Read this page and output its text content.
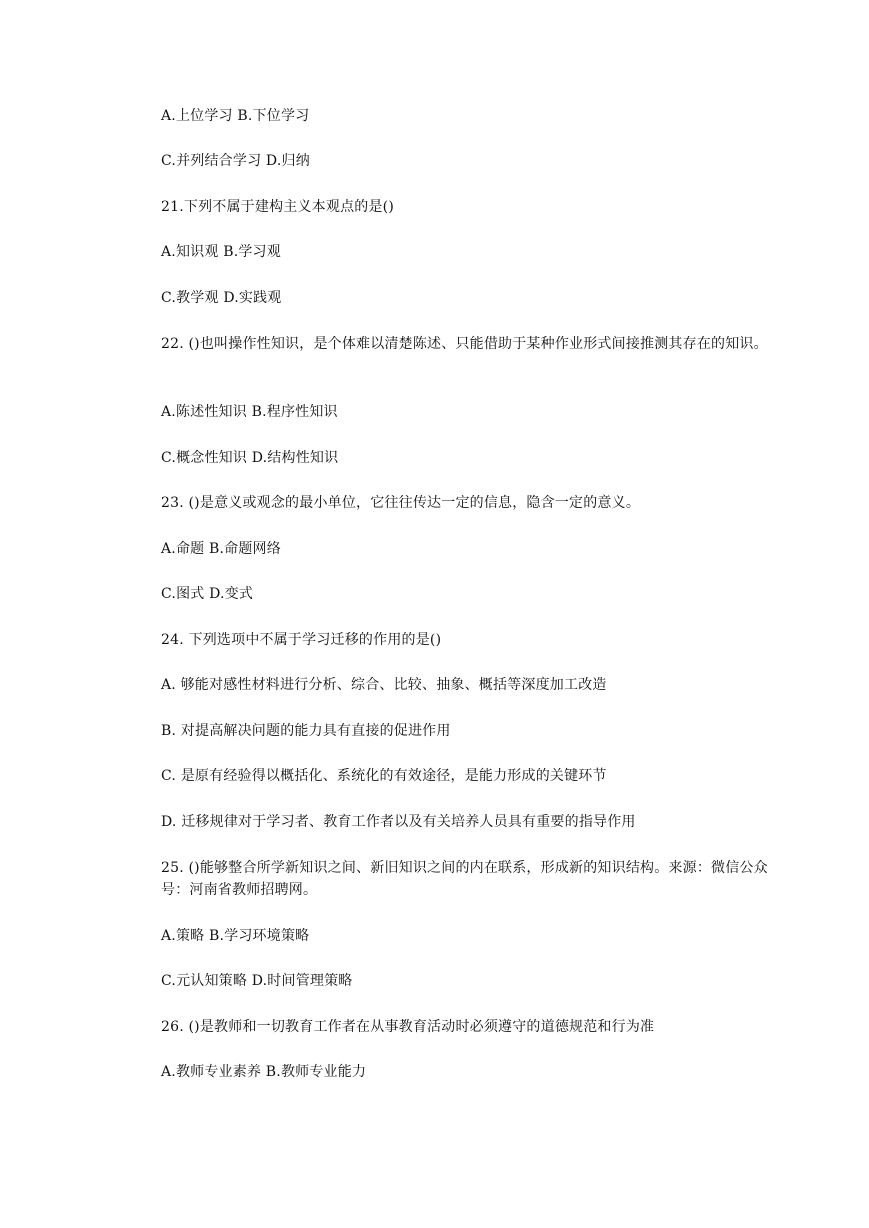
A.上位学习 B.下位学习
C.并列结合学习 D.归纳
21.下列不属于建构主义本观点的是()
A.知识观 B.学习观
C.教学观 D.实践观
22. ()也叫操作性知识，是个体难以清楚陈述、只能借助于某种作业形式间接推测其存在的知识。
A.陈述性知识 B.程序性知识
C.概念性知识 D.结构性知识
23. ()是意义或观念的最小单位，它往往传达一定的信息，隐含一定的意义。
A.命题 B.命题网络
C.图式 D.变式
24. 下列选项中不属于学习迁移的作用的是()
A. 够能对感性材料进行分析、综合、比较、抽象、概括等深度加工改造
B. 对提高解决问题的能力具有直接的促进作用
C. 是原有经验得以概括化、系统化的有效途径，是能力形成的关键环节
D. 迁移规律对于学习者、教育工作者以及有关培养人员具有重要的指导作用
25. ()能够整合所学新知识之间、新旧知识之间的内在联系，形成新的知识结构。来源：微信公众号：河南省教师招聘网。
A.策略 B.学习环境策略
C.元认知策略 D.时间管理策略
26. ()是教师和一切教育工作者在从事教育活动时必须遵守的道德规范和行为准
A.教师专业素养 B.教师专业能力
